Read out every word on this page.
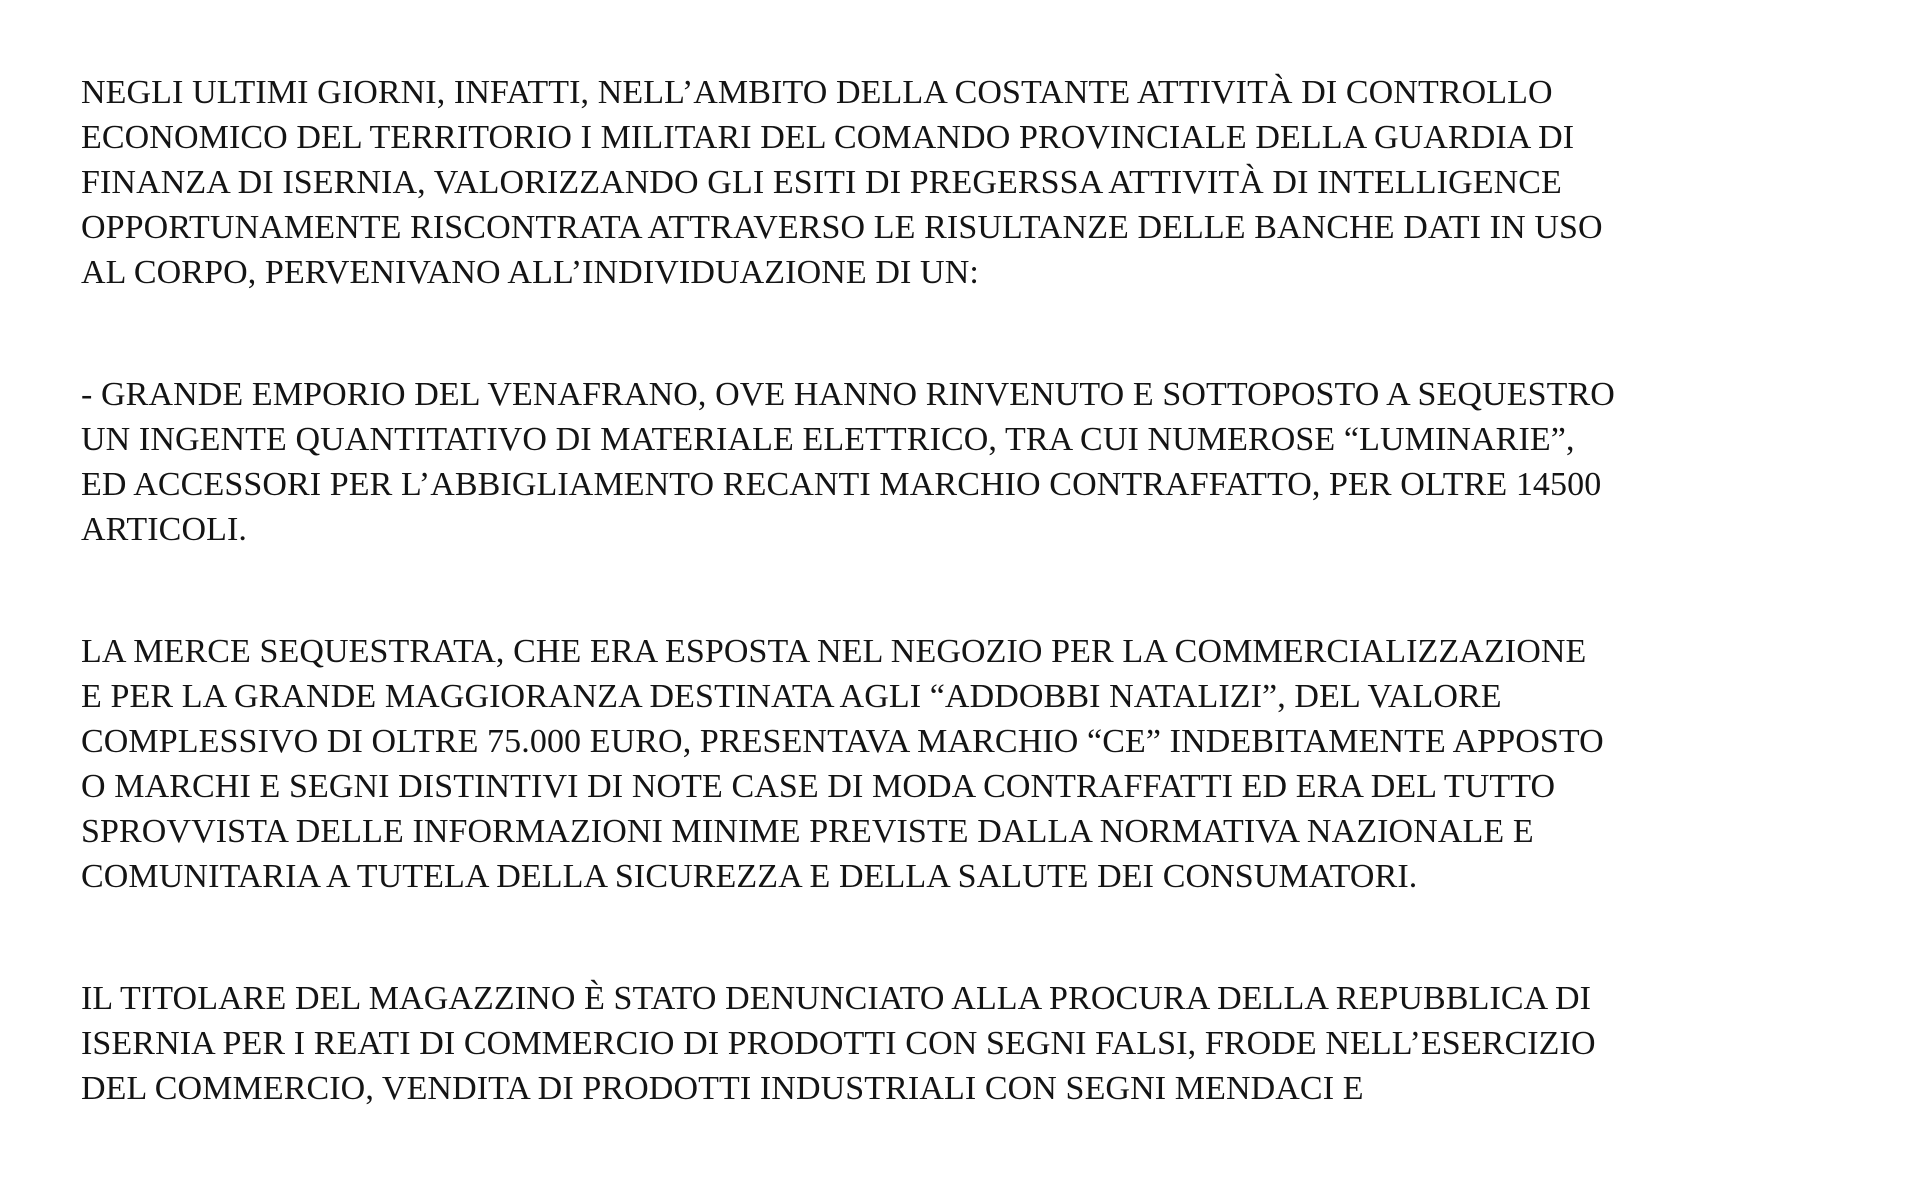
NEGLI ULTIMI GIORNI, INFATTI, NELL’AMBITO DELLA COSTANTE ATTIVITÀ DI CONTROLLO
ECONOMICO DEL TERRITORIO I MILITARI DEL COMANDO PROVINCIALE DELLA GUARDIA DI
FINANZA DI ISERNIA, VALORIZZANDO GLI ESITI DI PREGERSSA ATTIVITÀ DI INTELLIGENCE
OPPORTUNAMENTE RISCONTRATA ATTRAVERSO LE RISULTANZE DELLE BANCHE DATI IN USO
AL CORPO, PERVENIVANO ALL’INDIVIDUAZIONE DI UN:

- GRANDE EMPORIO DEL VENAFRANO, OVE HANNO RINVENUTO E SOTTOPOSTO A SEQUESTRO
UN INGENTE QUANTITATIVO DI MATERIALE ELETTRICO, TRA CUI NUMEROSE “LUMINARIE”,
ED ACCESSORI PER L’ABBIGLIAMENTO RECANTI MARCHIO CONTRAFFATTO, PER OLTRE 14500
ARTICOLI.

LA MERCE SEQUESTRATA, CHE ERA ESPOSTA NEL NEGOZIO PER LA COMMERCIALIZZAZIONE
E PER LA GRANDE MAGGIORANZA DESTINATA AGLI “ADDOBBI NATALIZI”, DEL VALORE
COMPLESSIVO DI OLTRE 75.000 EURO, PRESENTAVA MARCHIO “CE” INDEBITAMENTE APPOSTO
O MARCHI E SEGNI DISTINTIVI DI NOTE CASE DI MODA CONTRAFFATTI ED ERA DEL TUTTO
SPROVVISTA DELLE INFORMAZIONI MINIME PREVISTE DALLA NORMATIVA NAZIONALE E
COMUNITARIA A TUTELA DELLA SICUREZZA E DELLA SALUTE DEI CONSUMATORI.

IL TITOLARE DEL MAGAZZINO È STATO DENUNCIATO ALLA PROCURA DELLA REPUBBLICA DI
ISERNIA PER I REATI DI COMMERCIO DI PRODOTTI CON SEGNI FALSI, FRODE NELL’ESERCIZIO
DEL COMMERCIO, VENDITA DI PRODOTTI INDUSTRIALI CON SEGNI MENDACI E
